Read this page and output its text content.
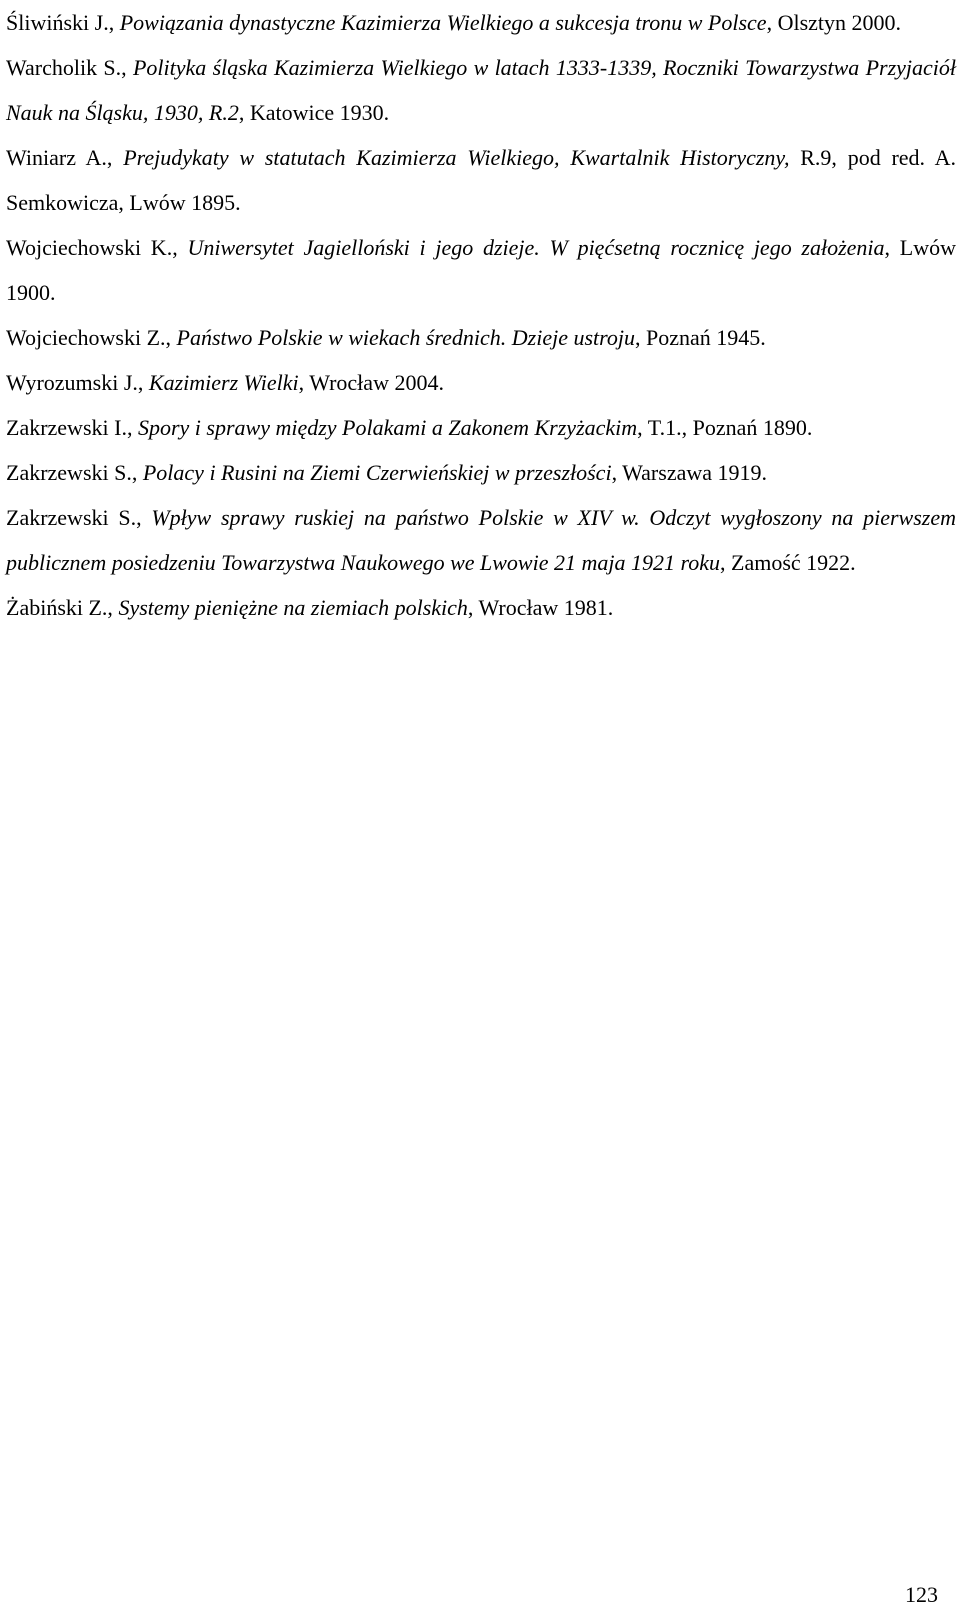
Śliwiński J., Powiązania dynastyczne Kazimierza Wielkiego a sukcesja tronu w Polsce, Olsztyn 2000.

Warcholik S., Polityka śląska Kazimierza Wielkiego w latach 1333-1339, Roczniki Towarzystwa Przyjaciół Nauk na Śląsku, 1930, R.2, Katowice 1930.

Winiarz A., Prejudykaty w statutach Kazimierza Wielkiego, Kwartalnik Historyczny, R.9, pod red. A. Semkowicza, Lwów 1895.

Wojciechowski K., Uniwersytet Jagielloński i jego dzieje. W pięćsetną rocznicę jego założenia, Lwów 1900.

Wojciechowski Z., Państwo Polskie w wiekach średnich. Dzieje ustroju, Poznań 1945.

Wyrozumski J., Kazimierz Wielki, Wrocław 2004.

Zakrzewski I., Spory i sprawy między Polakami a Zakonem Krzyżackim, T.1., Poznań 1890.

Zakrzewski S., Polacy i Rusini na Ziemi Czerwieńskiej w przeszłości, Warszawa 1919.

Zakrzewski S., Wpływ sprawy ruskiej na państwo Polskie w XIV w. Odczyt wygłoszony na pierwszem publicznem posiedzeniu Towarzystwa Naukowego we Lwowie 21 maja 1921 roku, Zamość 1922.

Żabiński Z., Systemy pieniężne na ziemiach polskich, Wrocław 1981.

123
